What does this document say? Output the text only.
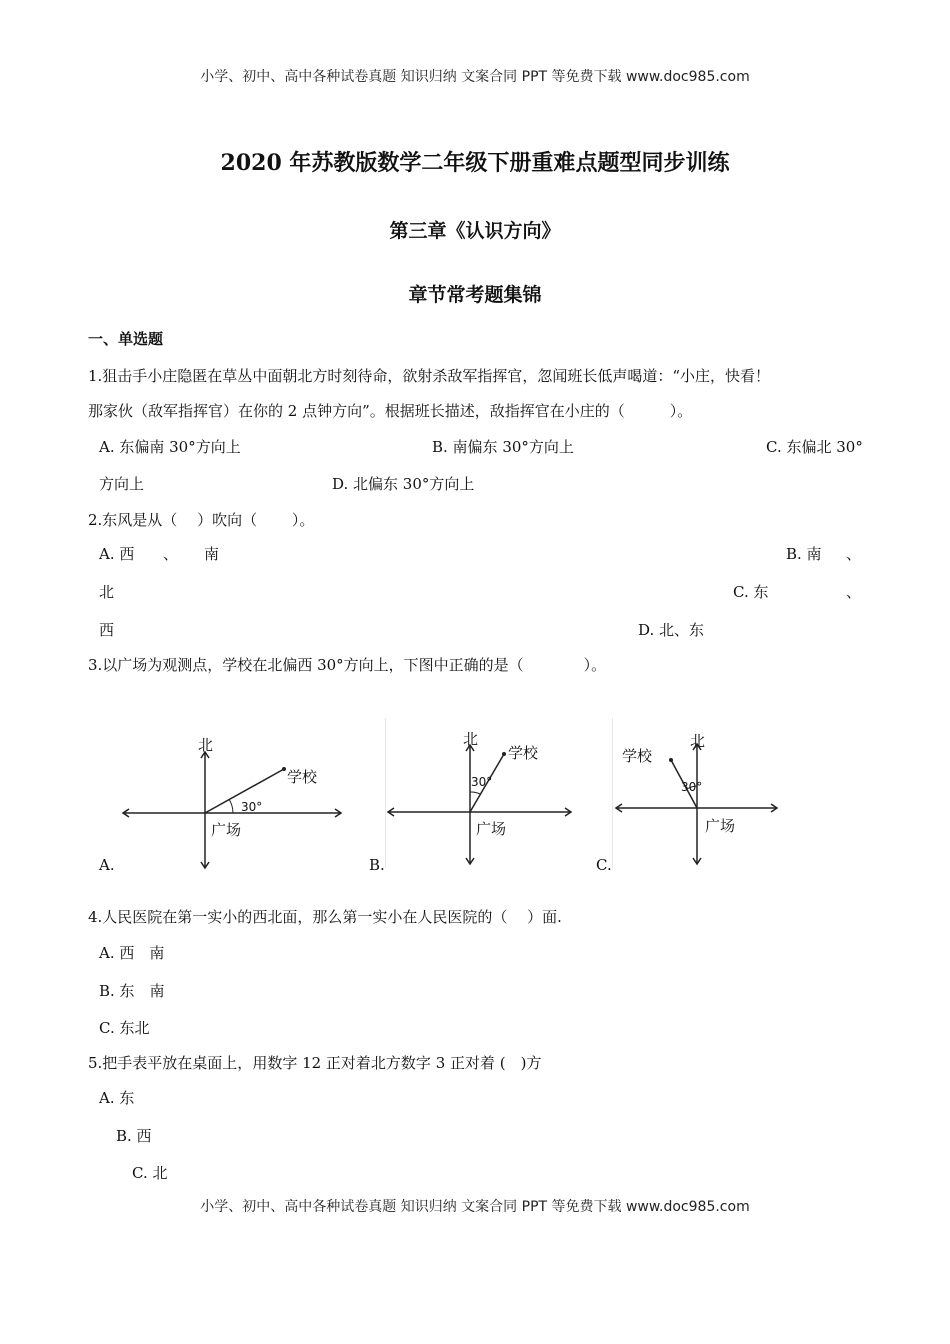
小学、初中、高中各种试卷真题 知识归纳 文案合同 PPT 等免费下载 www.doc985.com
小学、初中、高中各种试卷真题 知识归纳 文案合同 PPT 等免费下载 www.doc985.com
2020 年苏教版数学二年级下册重难点题型同步训练
第三章《认识方向》
章节常考题集锦
一、单选题
1.狙击手小庄隐匿在草丛中面朝北方时刻待命，欲射杀敌军指挥官，忽闻班长低声喝道：“小庄，快看！
那家伙（敌军指挥官）在你的 2 点钟方向”。根据班长描述，敌指挥官在小庄的（　　　）。
A. 东偏南 30°方向上	B. 南偏东 30°方向上	C. 东偏北 30°
方向上	D. 北偏东 30°方向上
2.东风是从（　 ）吹向（　　 ）。
A. 西 、 南	B. 南 、
北	C. 东	、
西	D. 北、东
3.以广场为观测点，学校在北偏西 30°方向上，下图中正确的是（　　　　）。
A.	B.	C.
北
学校
30°
广场
北
学校
30°
广场
北
学校
30°
广场
4.人民医院在第一实小的西北面，那么第一实小在人民医院的（　 ）面.
A. 西　南
B. 东　南
C. 东北
5.把手表平放在桌面上，用数字 12 正对着北方数字 3 正对着 (　)方
A. 东
B. 西
C. 北
